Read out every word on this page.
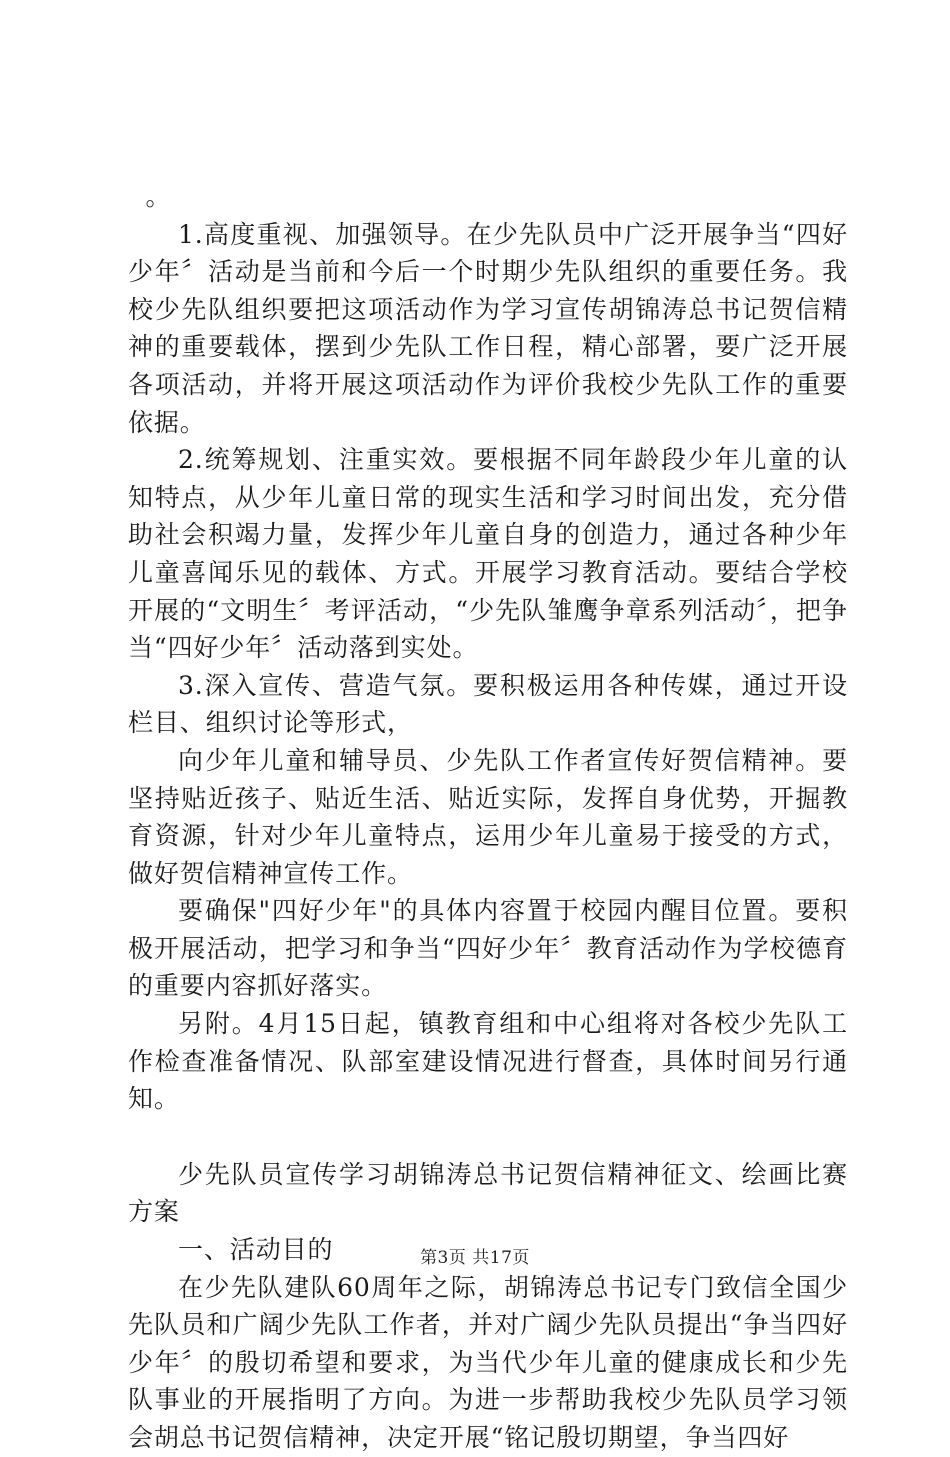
。

1.高度重视、加强领导。在少先队员中广泛开展争当“四好少年〞活动是当前和今后一个时期少先队组织的重要任务。我校少先队组织要把这项活动作为学习宣传胡锦涛总书记贺信精神的重要载体，摆到少先队工作日程，精心部署，要广泛开展各项活动，并将开展这项活动作为评价我校少先队工作的重要依据。

2.统筹规划、注重实效。要根据不同年龄段少年儿童的认知特点，从少年儿童日常的现实生活和学习时间出发，充分借助社会积竭力量，发挥少年儿童自身的创造力，通过各种少年儿童喜闻乐见的载体、方式。开展学习教育活动。要结合学校开展的“文明生〞考评活动，“少先队雏鹰争章系列活动〞，把争当“四好少年〞活动落到实处。

3.深入宣传、营造气氛。要积极运用各种传媒，通过开设栏目、组织讨论等形式，

向少年儿童和辅导员、少先队工作者宣传好贺信精神。要坚持贴近孩子、贴近生活、贴近实际，发挥自身优势，开掘教育资源，针对少年儿童特点，运用少年儿童易于接受的方式，做好贺信精神宣传工作。

要确保"四好少年"的具体内容置于校园内醒目位置。要积极开展活动，把学习和争当“四好少年〞教育活动作为学校德育的重要内容抓好落实。

另附。4月15日起，镇教育组和中心组将对各校少先队工作检查准备情况、队部室建设情况进行督查，具体时间另行通知。

少先队员宣传学习胡锦涛总书记贺信精神征文、绘画比赛方案

一、活动目的

在少先队建队60周年之际，胡锦涛总书记专门致信全国少先队员和广阔少先队工作者，并对广阔少先队员提出“争当四好少年〞的殷切希望和要求，为当代少年儿童的健康成长和少先队事业的开展指明了方向。为进一步帮助我校少先队员学习领会胡总书记贺信精神，决定开展“铭记殷切期望，争当四好

第3页 共17页
